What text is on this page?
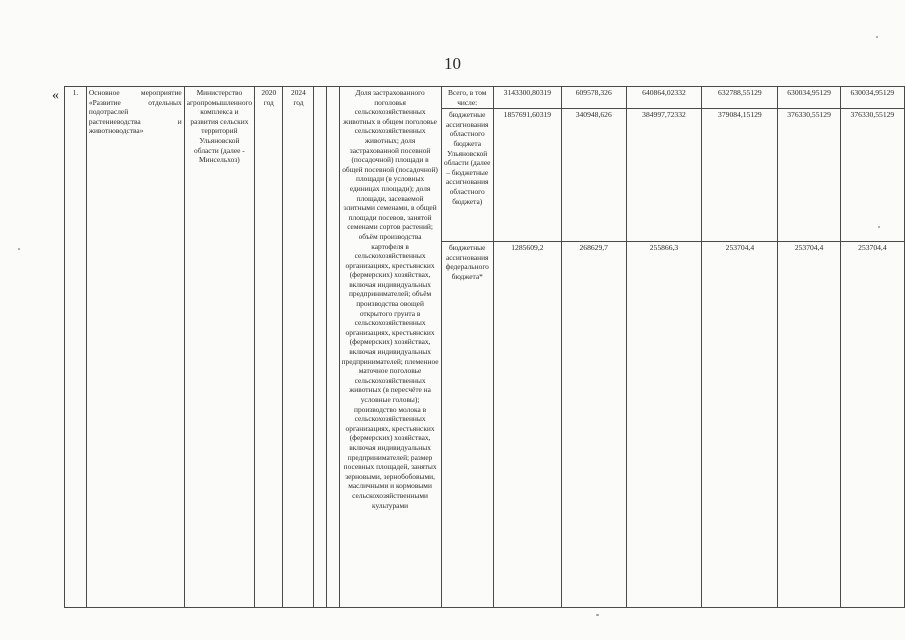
10
« 1.	Основное мероприятие «Развитие отдельных подотраслей растениеводства и животноводства»	Министерство агропромышленного комплекса и развития сельских территорий Ульяновской области (далее - Минсельхоз)	2020 год	2024 год			Доля застрахованного поголовья сельскохозяйственных животных в общем поголовье сельскохозяйственных животных; доля застрахованной посевной (посадочной) площади в общей посевной (посадочной) площади (в условных единицах площади); доля площади, засеваемой элитными семенами, в общей площади посевов, занятой семенами сортов растений; объём производства картофеля в сельскохозяйственных организациях, крестьянских (фермерских) хозяйствах, включая индивидуальных предпринимателей; объём производства овощей открытого грунта в сельскохозяйственных организациях, крестьянских (фермерских) хозяйствах, включая индивидуальных предпринимателей; племенное маточное поголовье сельскохозяйственных животных (в пересчёте на условные головы); производство молока в сельскохозяйственных организациях, крестьянских (фермерских) хозяйствах, включая индивидуальных предпринимателей; размер посевных площадей, занятых зерновыми, зернобобовыми, масличными и кормовыми сельскохозяйственными культурами	Всего, в том числе:	3143300,80319	609578,326	640864,02332	632788,55129	630034,95129	630034,95129
								бюджетные ассигнования областного бюджета Ульяновской области (далее – бюджетные ассигнования областного бюджета)	1857691,60319	340948,626	384997,72332	379084,15129	376330,55129	376330,55129
								бюджетные ассигнования федерального бюджета*	1285609,2	268629,7	255866,3	253704,4	253704,4	253704,4
